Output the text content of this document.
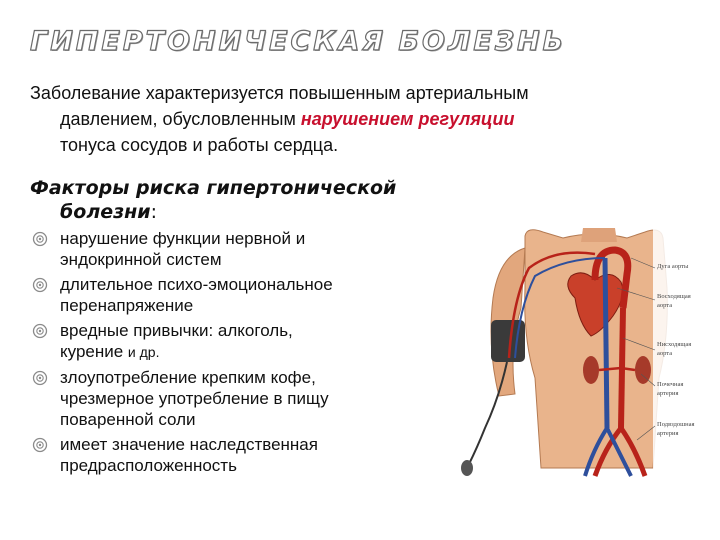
ГИПЕРТОНИЧЕСКАЯ БОЛЕЗНЬ

Заболевание характеризуется повышенным артериальным
давлением, обусловленным нарушением регуляции
тонуса сосудов и работы сердца.

Факторы риска гипертонической
болезни:
нарушение функции нервной и
эндокринной систем
длительное психо-эмоциональное
перенапряжение
вредные привычки: алкоголь,
курение и др.
злоупотребление крепким кофе,
чрезмерное употребление в пищу
поваренной соли
имеет значение наследственная
предрасположенность
Дуга аорты
Восходящая
аорта
Нисходящая
аорта
Почечная
артерия
Подвздошная
артерия
